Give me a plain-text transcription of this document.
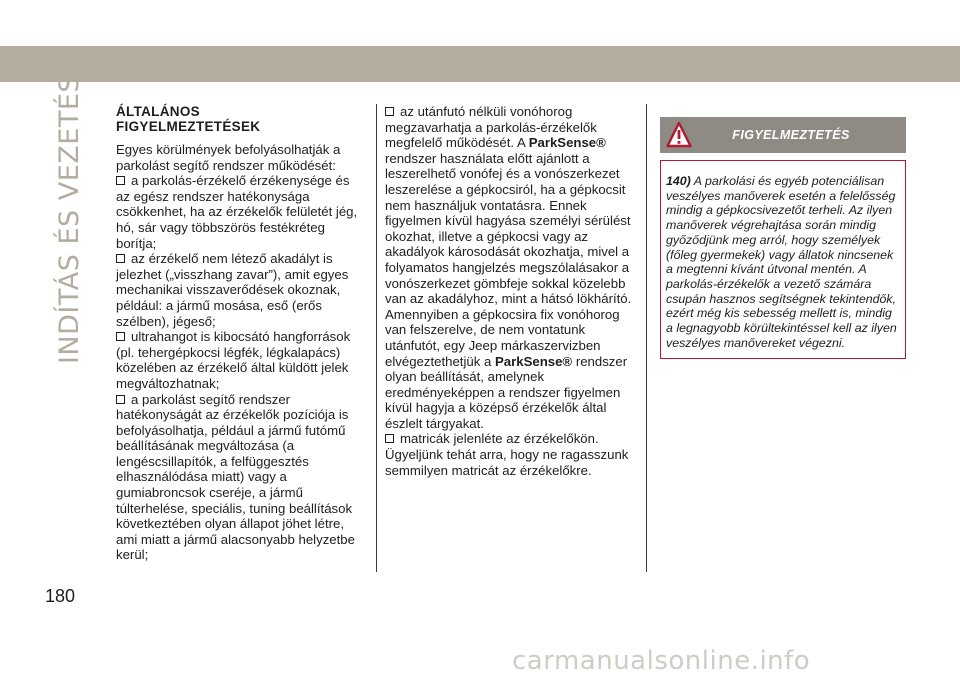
INDÍTÁS ÉS VEZETÉS ÁLTALÁNOS
FIGYELMEZTETÉSEK

Egyes körülmények befolyásolhatják a parkolást segítő rendszer működését:

a parkolás-érzékelő érzékenysége és az egész rendszer hatékonysága csökkenhet, ha az érzékelők felületét jég, hó, sár vagy többszörös festékréteg borítja;

az érzékelő nem létező akadályt is jelezhet („visszhang zavar”), amit egyes mechanikai visszaverődések okoznak, például: a jármű mosása, eső (erős szélben), jégeső;

ultrahangot is kibocsátó hangforrások (pl. tehergépkocsi légfék, légkalapács) közelében az érzékelő által küldött jelek megváltozhatnak;

a parkolást segítő rendszer hatékonyságát az érzékelők pozíciója is befolyásolhatja, például a jármű futómű beállításának megváltozása (a lengéscsillapítók, a felfüggesztés elhasználódása miatt) vagy a gumiabroncsok cseréje, a jármű túlterhelése, speciális, tuning beállítások következtében olyan állapot jöhet létre, ami miatt a jármű alacsonyabb helyzetbe kerül;

az utánfutó nélküli vonóhorog megzavarhatja a parkolás-érzékelők megfelelő működését. A ParkSense® rendszer használata előtt ajánlott a leszerelhető vonófej és a vonószerkezet leszerelése a gépkocsiról, ha a gépkocsit nem használjuk vontatásra. Ennek figyelmen kívül hagyása személyi sérülést okozhat, illetve a gépkocsi vagy az akadályok károsodását okozhatja, mivel a folyamatos hangjelzés megszólalásakor a vonószerkezet gömbfeje sokkal közelebb van az akadályhoz, mint a hátsó lökhárító. Amennyiben a gépkocsira fix vonóhorog van felszerelve, de nem vontatunk utánfutót, egy Jeep márkaszervizben elvégeztethetjük a ParkSense® rendszer olyan beállítását, amelynek eredményeképpen a rendszer figyelmen kívül hagyja a középső érzékelők által észlelt tárgyakat.

matricák jelenléte az érzékelőkön. Ügyeljünk tehát arra, hogy ne ragasszunk semmilyen matricát az érzékelőkre.

FIGYELMEZTETÉS
140) A parkolási és egyéb potenciálisan veszélyes manőverek esetén a felelősség mindig a gépkocsivezetőt terheli. Az ilyen manőverek végrehajtása során mindig győződjünk meg arról, hogy személyek (főleg gyermekek) vagy állatok nincsenek a megtenni kívánt útvonal mentén. A parkolás-érzékelők a vezető számára csupán hasznos segítségnek tekintendők, ezért még kis sebesség mellett is, mindig a legnagyobb körültekintéssel kell az ilyen veszélyes manővereket végezni.
180
carmanualsonline.info
